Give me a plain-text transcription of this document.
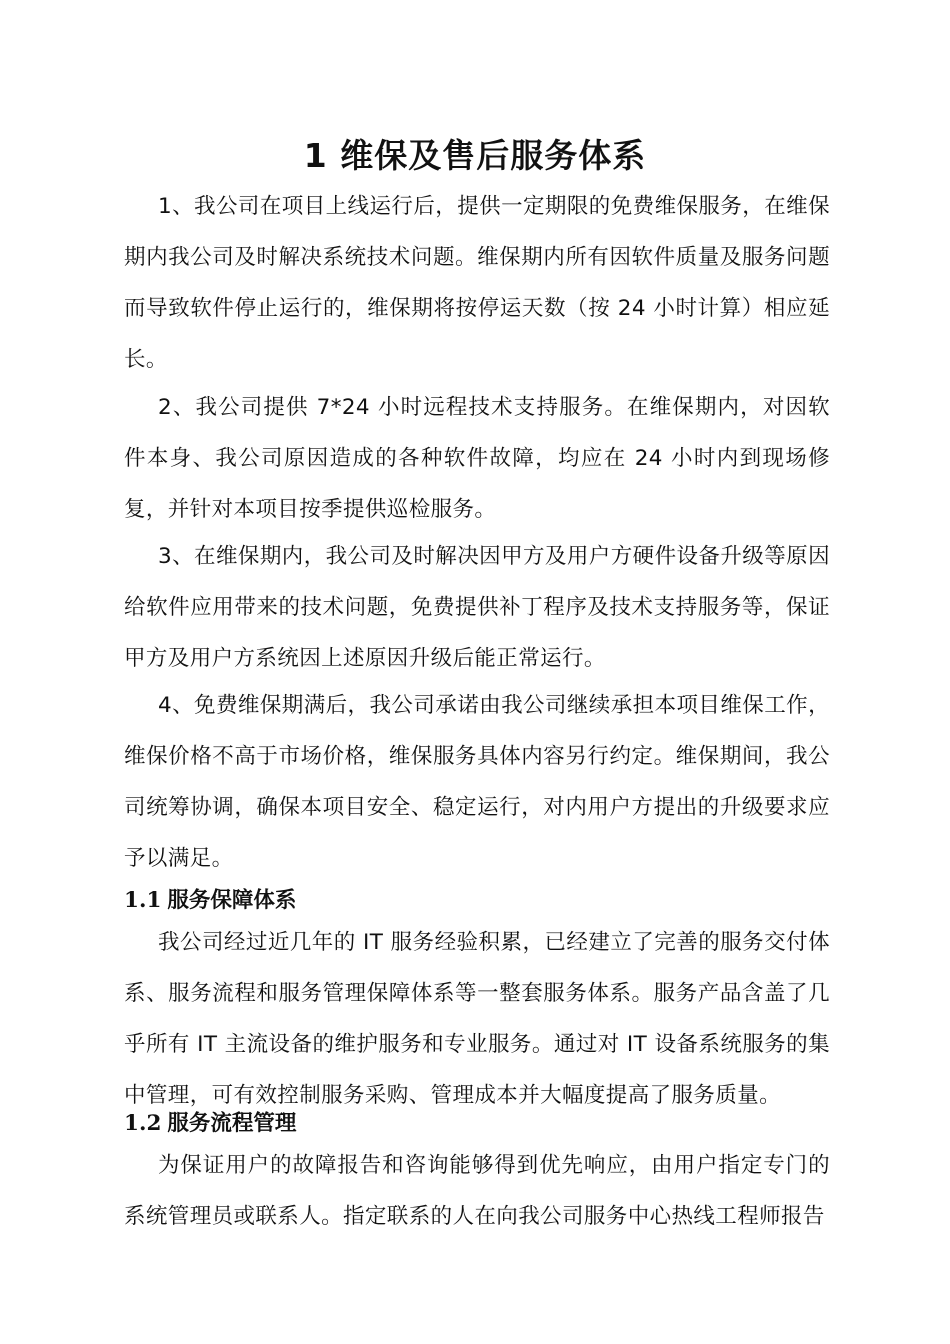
1 维保及售后服务体系

1、我公司在项目上线运行后，提供一定期限的免费维保服务，在维保期内我公司及时解决系统技术问题。维保期内所有因软件质量及服务问题而导致软件停止运行的，维保期将按停运天数（按 24 小时计算）相应延长。

2、我公司提供 7*24 小时远程技术支持服务。在维保期内，对因软件本身、我公司原因造成的各种软件故障，均应在 24 小时内到现场修复，并针对本项目按季提供巡检服务。

3、在维保期内，我公司及时解决因甲方及用户方硬件设备升级等原因给软件应用带来的技术问题，免费提供补丁程序及技术支持服务等，保证甲方及用户方系统因上述原因升级后能正常运行。

4、免费维保期满后，我公司承诺由我公司继续承担本项目维保工作，维保价格不高于市场价格，维保服务具体内容另行约定。维保期间，我公司统筹协调，确保本项目安全、稳定运行，对内用户方提出的升级要求应予以满足。

1.1 服务保障体系

我公司经过近几年的 IT 服务经验积累，已经建立了完善的服务交付体系、服务流程和服务管理保障体系等一整套服务体系。服务产品含盖了几乎所有 IT 主流设备的维护服务和专业服务。通过对 IT 设备系统服务的集中管理，可有效控制服务采购、管理成本并大幅度提高了服务质量。

1.2 服务流程管理

为保证用户的故障报告和咨询能够得到优先响应，由用户指定专门的系统管理员或联系人。指定联系的人在向我公司服务中心热线工程师报告
